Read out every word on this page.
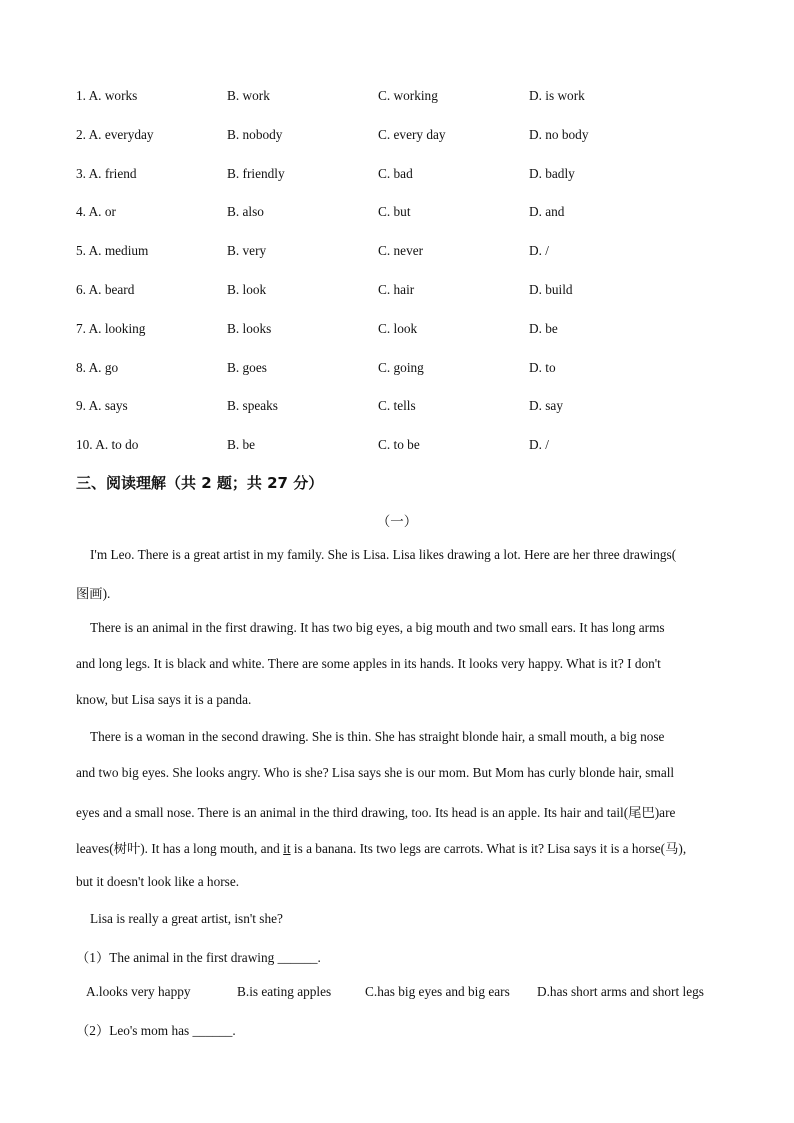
1. A. works	B. work	C. working	D. is work
2. A. everyday	B. nobody	C. every day	D. no body
3. A. friend	B. friendly	C. bad	D. badly
4. A. or	B. also	C. but	D. and
5. A. medium	B. very	C. never	D. /
6. A. beard	B. look	C. hair	D. build
7. A. looking	B. looks	C. look	D. be
8. A. go	B. goes	C. going	D. to
9. A. says	B. speaks	C. tells	D. say
10. A. to do	B. be	C. to be	D. /
三、阅读理解（共 2 题；共 27 分）
（一）
I'm Leo. There is a great artist in my family. She is Lisa. Lisa likes drawing a lot. Here are her three drawings(
图画).
There is an animal in the first drawing. It has two big eyes, a big mouth and two small ears. It has long arms
and long legs. It is black and white. There are some apples in its hands. It looks very happy. What is it? I don't
know, but Lisa says it is a panda.
There is a woman in the second drawing. She is thin. She has straight blonde hair, a small mouth, a big nose
and two big eyes. She looks angry. Who is she? Lisa says she is our mom. But Mom has curly blonde hair, small
eyes and a small nose. There is an animal in the third drawing, too. Its head is an apple. Its hair and tail(尾巴)are
leaves(树叶). It has a long mouth, and it is a banana. Its two legs are carrots. What is it? Lisa says it is a horse(马),
but it doesn't look like a horse.
Lisa is really a great artist, isn't she?
（1）The animal in the first drawing ______.
A.looks very happy	B.is eating apples	C.has big eyes and big ears D.has short arms and short legs
（2）Leo's mom has ______.
